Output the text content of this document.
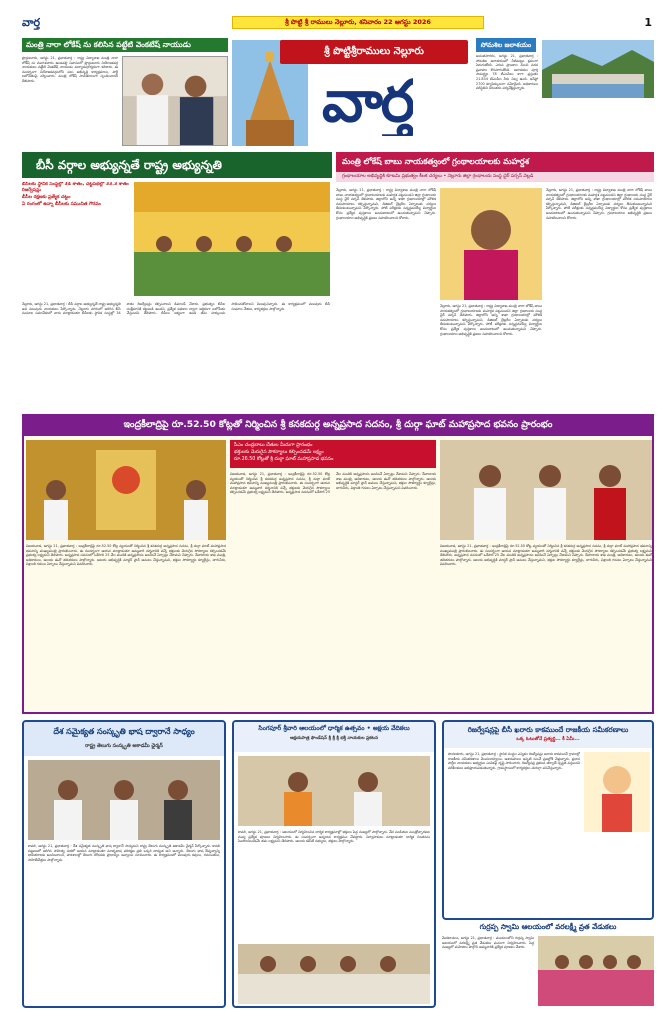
వార్త	శ్రీ పొట్టి శ్రీ రాములు నెల్లూరు, శనివారం 22 ఆగస్టు 2026	1
మంత్రి నారా లోకేష్ ను కలిసిన పట్టేటి వెంకటేష్ నాయుడు
ప్రొద్దుటూరు, ఆగస్టు 21, ప్రభాతవార్త : రాష్ట్ర విద్యాశాఖ మంత్రి నారా లోకేష్ ను మంగళవారం ఉండవల్లి నివాసంలో ప్రొద్దుటూరు నియోజకవర్గ నాయకులు పట్టేటి వెంకటేష్ నాయుడు మర్యాదపూర్వకంగా కలిశారు. ఈ సందర్భంగా నియోజకవర్గంలోని పలు అభివృద్ధి కార్యక్రమాలు, పార్టీ బలోపేతంపై చర్చించారు. మంత్రి లోకేష్ సానుకూలంగా స్పందించారని తెలిపారు.
శ్రీ పొట్టిశ్రీరాములు నెల్లూరు
వార్త
సోమశిల జలాశయం
అనంతసాగరం, ఆగస్టు 21, ప్రభాతవార్త : సోమశిల జలాశయంలో నీటిమట్టం క్రమంగా పెరుగుతోంది. ఎగువ ప్రాంతాల నుంచి వరద ప్రవాహం కొనసాగుతోంది. జలాశయం పూర్తి సామర్థ్యం 78 టీఎంసీలు కాగా ప్రస్తుతం 21.834 టీఎంసీల నీరు నిల్వ ఉంది. ఇన్‌ఫ్లో 2700 క్యూసెక్కులుగా నమోదైంది. అధికారులు పరిస్థితిని నిరంతరం పర్యవేక్షిస్తున్నారు.
బీసీ వర్గాల అభ్యున్నతే రాష్ట్ర అభ్యున్నతి
బీసీలకు స్థానిక సంస్థల్లో 34 శాతం, చట్టసభల్లో 33.3 శాతం రిజర్వేషన్లు
బీసీల రక్షణకు ప్రత్యేక చట్టం
ఏ రంగంలో ఉన్నా బీసీలకు సముచిత గౌరవం
నెల్లూరు, ఆగస్టు 21, ప్రభాతవార్త : బీసీ వర్గాల అభ్యున్నతే రాష్ట్ర అభ్యున్నతి అని పలువురు నాయకులు పేర్కొన్నారు. నెల్లూరు నగరంలో జరిగిన బీసీ సంఘాల సమావేశంలో వారు మాట్లాడుతూ బీసీలకు స్థానిక సంస్థల్లో 34 శాతం రిజర్వేషన్లు కల్పించాలని డిమాండ్ చేశారు. ప్రభుత్వం బీసీల సంక్షేమానికి కట్టుబడి ఉందని, ప్రత్యేక పథకాల ద్వారా ఆర్థికంగా బలోపేతం చేస్తుందని తెలిపారు. బీసీలు ఐక్యంగా ఉండి తమ హక్కులను సాధించుకోవాలని పిలుపునిచ్చారు. ఈ కార్యక్రమంలో పలువురు బీసీ సంఘాల నేతలు, కార్యకర్తలు పాల్గొన్నారు.
మంత్రి లోకేష్ బాబు నాయకత్వంలో గ్రంథాలయాలకు మహర్దశ
గ్రంథాలయాల అభివృద్ధికి కూటమి ప్రభుత్వం కీలక చర్యలు • నెల్లూరు జిల్లా గ్రంథాలయ సంస్థ ఛైర్ పర్సన్ వెల్లడి
నెల్లూరు, ఆగస్టు 21, ప్రభాతవార్త : రాష్ట్ర విద్యాశాఖ మంత్రి నారా లోకేష్ బాబు నాయకత్వంలో గ్రంథాలయాలకు మహర్దశ పట్టనుందని జిల్లా గ్రంథాలయ సంస్థ ఛైర్ పర్సన్ తెలిపారు. జిల్లాలోని అన్ని శాఖా గ్రంథాలయాల్లో మౌలిక సదుపాయాలు కల్పిస్తున్నామని, డిజిటల్ లైబ్రరీల ఏర్పాటుకు చర్యలు తీసుకుంటున్నామని పేర్కొన్నారు. పోటీ పరీక్షలకు సన్నద్ధమయ్యే విద్యార్థుల కోసం ప్రత్యేక పుస్తకాలు అందుబాటులో ఉంచుతున్నామని చెప్పారు. గ్రంథాలయాల అభివృద్ధికి ప్రజలు సహకరించాలని కోరారు.
నెల్లూరు, ఆగస్టు 21, ప్రభాతవార్త : రాష్ట్ర విద్యాశాఖ మంత్రి నారా లోకేష్ బాబు నాయకత్వంలో గ్రంథాలయాలకు మహర్దశ పట్టనుందని జిల్లా గ్రంథాలయ సంస్థ ఛైర్ పర్సన్ తెలిపారు. జిల్లాలోని అన్ని శాఖా గ్రంథాలయాల్లో మౌలిక సదుపాయాలు కల్పిస్తున్నామని, డిజిటల్ లైబ్రరీల ఏర్పాటుకు చర్యలు తీసుకుంటున్నామని పేర్కొన్నారు. పోటీ పరీక్షలకు సన్నద్ధమయ్యే విద్యార్థుల కోసం ప్రత్యేక పుస్తకాలు అందుబాటులో ఉంచుతున్నామని చెప్పారు. గ్రంథాలయాల అభివృద్ధికి ప్రజలు సహకరించాలని కోరారు.
నెల్లూరు, ఆగస్టు 21, ప్రభాతవార్త : రాష్ట్ర విద్యాశాఖ మంత్రి నారా లోకేష్ బాబు నాయకత్వంలో గ్రంథాలయాలకు మహర్దశ పట్టనుందని జిల్లా గ్రంథాలయ సంస్థ ఛైర్ పర్సన్ తెలిపారు. జిల్లాలోని అన్ని శాఖా గ్రంథాలయాల్లో మౌలిక సదుపాయాలు కల్పిస్తున్నామని, డిజిటల్ లైబ్రరీల ఏర్పాటుకు చర్యలు తీసుకుంటున్నామని పేర్కొన్నారు. పోటీ పరీక్షలకు సన్నద్ధమయ్యే విద్యార్థుల కోసం ప్రత్యేక పుస్తకాలు అందుబాటులో ఉంచుతున్నామని చెప్పారు. గ్రంథాలయాల అభివృద్ధికి ప్రజలు సహకరించాలని కోరారు.
ఇంద్రకీలాద్రిపై రూ.52.50 కోట్లతో నిర్మించిన శ్రీ కనకదుర్గ అన్నప్రసాద సదనం, శ్రీ దుర్గా ఘాట్ మహాప్రసాద భవనం ప్రారంభం
సీఎం చంద్రబాబు చేతుల మీదుగా ప్రారంభం
భక్తులకు మెరుగైన సౌకర్యాలు కల్పించడమే లక్ష్యం
రూ.26.50 కోట్లతో శ్రీ దుర్గా ఘాట్ మహాప్రసాద భవనం
విజయవాడ, ఆగస్టు 21, ప్రభాతవార్త : ఇంద్రకీలాద్రిపై రూ.52.50 కోట్ల వ్యయంతో నిర్మించిన శ్రీ కనకదుర్గ అన్నప్రసాద సదనం, శ్రీ దుర్గా ఘాట్ మహాప్రసాద భవనాన్ని ముఖ్యమంత్రి ప్రారంభించారు. ఈ సందర్భంగా ఆయన మాట్లాడుతూ అమ్మవారి దర్శనానికి వచ్చే భక్తులకు మెరుగైన సౌకర్యాలు కల్పించడమే ప్రభుత్వ లక్ష్యమని తెలిపారు. అన్నప్రసాద సదనంలో ఒకేసారి 25 వేల మందికి అన్నప్రసాదం అందించే ఏర్పాట్లు చేశామని చెప్పారు. దేవాదాయ శాఖ మంత్రి, అధికారులు, ఆలయ ఈవో తదితరులు పాల్గొన్నారు. ఆలయ అభివృద్ధికి మాస్టర్ ప్లాన్ అమలు చేస్తున్నామని, భక్తుల సౌకర్యార్థం క్యూలైన్లు, తాగునీరు, విశ్రాంతి గదులు ఏర్పాటు చేస్తున్నామని వివరించారు.
విజయవాడ, ఆగస్టు 21, ప్రభాతవార్త : ఇంద్రకీలాద్రిపై రూ.52.50 కోట్ల వ్యయంతో నిర్మించిన శ్రీ కనకదుర్గ అన్నప్రసాద సదనం, శ్రీ దుర్గా ఘాట్ మహాప్రసాద భవనాన్ని ముఖ్యమంత్రి ప్రారంభించారు. ఈ సందర్భంగా ఆయన మాట్లాడుతూ అమ్మవారి దర్శనానికి వచ్చే భక్తులకు మెరుగైన సౌకర్యాలు కల్పించడమే ప్రభుత్వ లక్ష్యమని తెలిపారు. అన్నప్రసాద సదనంలో ఒకేసారి 25 వేల మందికి అన్నప్రసాదం అందించే ఏర్పాట్లు చేశామని చెప్పారు. దేవాదాయ శాఖ మంత్రి, అధికారులు, ఆలయ ఈవో తదితరులు పాల్గొన్నారు. ఆలయ అభివృద్ధికి మాస్టర్ ప్లాన్ అమలు చేస్తున్నామని, భక్తుల సౌకర్యార్థం క్యూలైన్లు, తాగునీరు, విశ్రాంతి గదులు ఏర్పాటు చేస్తున్నామని వివరించారు.
విజయవాడ, ఆగస్టు 21, ప్రభాతవార్త : ఇంద్రకీలాద్రిపై రూ.52.50 కోట్ల వ్యయంతో నిర్మించిన శ్రీ కనకదుర్గ అన్నప్రసాద సదనం, శ్రీ దుర్గా ఘాట్ మహాప్రసాద భవనాన్ని ముఖ్యమంత్రి ప్రారంభించారు. ఈ సందర్భంగా ఆయన మాట్లాడుతూ అమ్మవారి దర్శనానికి వచ్చే భక్తులకు మెరుగైన సౌకర్యాలు కల్పించడమే ప్రభుత్వ లక్ష్యమని తెలిపారు. అన్నప్రసాద సదనంలో ఒకేసారి 25 వేల మందికి అన్నప్రసాదం అందించే ఏర్పాట్లు చేశామని చెప్పారు. దేవాదాయ శాఖ మంత్రి, అధికారులు, ఆలయ ఈవో తదితరులు పాల్గొన్నారు. ఆలయ అభివృద్ధికి మాస్టర్ ప్లాన్ అమలు చేస్తున్నామని, భక్తుల సౌకర్యార్థం క్యూలైన్లు, తాగునీరు, విశ్రాంతి గదులు ఏర్పాటు చేస్తున్నామని వివరించారు.
దేశ సమైక్యత సంస్కృతి భాష ద్వారానే సాధ్యం
రాష్ట్ర తెలుగు సంస్కృతి అకాడమీ ఛైర్మన్
కావలి, ఆగస్టు 21, ప్రభాతవార్త : దేశ సమైక్యత సంస్కృతి భాష ద్వారానే సాధ్యమని రాష్ట్ర తెలుగు సంస్కృతి అకాడమీ ఛైర్మన్ పేర్కొన్నారు. కావలి పట్టణంలో జరిగిన సాహిత్య సభలో ఆయన మాట్లాడుతూ మాతృభాష పరిరక్షణ ప్రతి ఒక్కరి బాధ్యత అని అన్నారు. తెలుగు భాష ఔన్నత్యాన్ని భావితరాలకు అందించాలని, పాఠశాలల్లో తెలుగు బోధనకు ప్రాధాన్యం ఇవ్వాలని సూచించారు. ఈ కార్యక్రమంలో పలువురు కవులు, రచయితలు, సాహితీవేత్తలు పాల్గొన్నారు.
సింగపూర్ శ్రీవారి ఆలయంలో ధార్మిక ఉత్సవం • అక్షయ వేదికలు
అక్షయపాత్ర ఫౌండేషన్ శ్రీ శ్రీ శ్రీ భక్తి నాయకుల ప్రకటన
కావలి, ఆగస్టు 21, ప్రభాతవార్త : ఆలయంలో నిర్వహించిన ధార్మిక కార్యక్రమాల్లో భక్తులు పెద్ద సంఖ్యలో పాల్గొన్నారు. వేద పండితుల మంత్రోచ్ఛారణల మధ్య ప్రత్యేక పూజలు నిర్వహించారు. ఈ సందర్భంగా అన్నదాన కార్యక్రమం చేపట్టారు. నిర్వాహకులు మాట్లాడుతూ ధార్మిక చింతనను పెంపొందించడమే తమ లక్ష్యమని తెలిపారు. ఆలయ కమిటీ సభ్యులు, భక్తులు పాల్గొన్నారు.
రిజర్వేషన్లపై బీసీ ఖరారు కాకముందే రాజకీయ సమీకరణాలు
ఒక్క ఓటుతోనే ప్రత్యర్థి... కీ ఏమీ...
పొదలకూరు, ఆగస్టు 21, ప్రభాతవార్త : స్థానిక సంస్థల ఎన్నికల రిజర్వేషన్లు ఖరారు కాకముందే గ్రామాల్లో రాజకీయ సమీకరణాలు మొదలయ్యాయి. ఆశావహులు ఇప్పటి నుంచే ప్రజల్లోకి వెళ్తున్నారు. ప్రధాన పార్టీల నాయకులు అభ్యర్థుల ఎంపికపై దృష్టి సారించారు. రిజర్వేషన్ల ప్రకటన తర్వాతే స్పష్టత వస్తుందని పరిశీలకులు అభిప్రాయపడుతున్నారు. గ్రామస్థాయిలో కార్యకర్తలు చురుగ్గా పనిచేస్తున్నారు.
గుర్రప్ప స్వామి ఆలయంలో వరలక్ష్మీ వ్రత వేడుకలు
వెంకటాచలం, ఆగస్టు 21, ప్రభాతవార్త : మండలంలోని గుర్రప్ప స్వామి ఆలయంలో వరలక్ష్మీ వ్రత వేడుకలు ఘనంగా నిర్వహించారు. పెద్ద సంఖ్యలో మహిళలు పాల్గొని అమ్మవారికి ప్రత్యేక పూజలు చేశారు.
